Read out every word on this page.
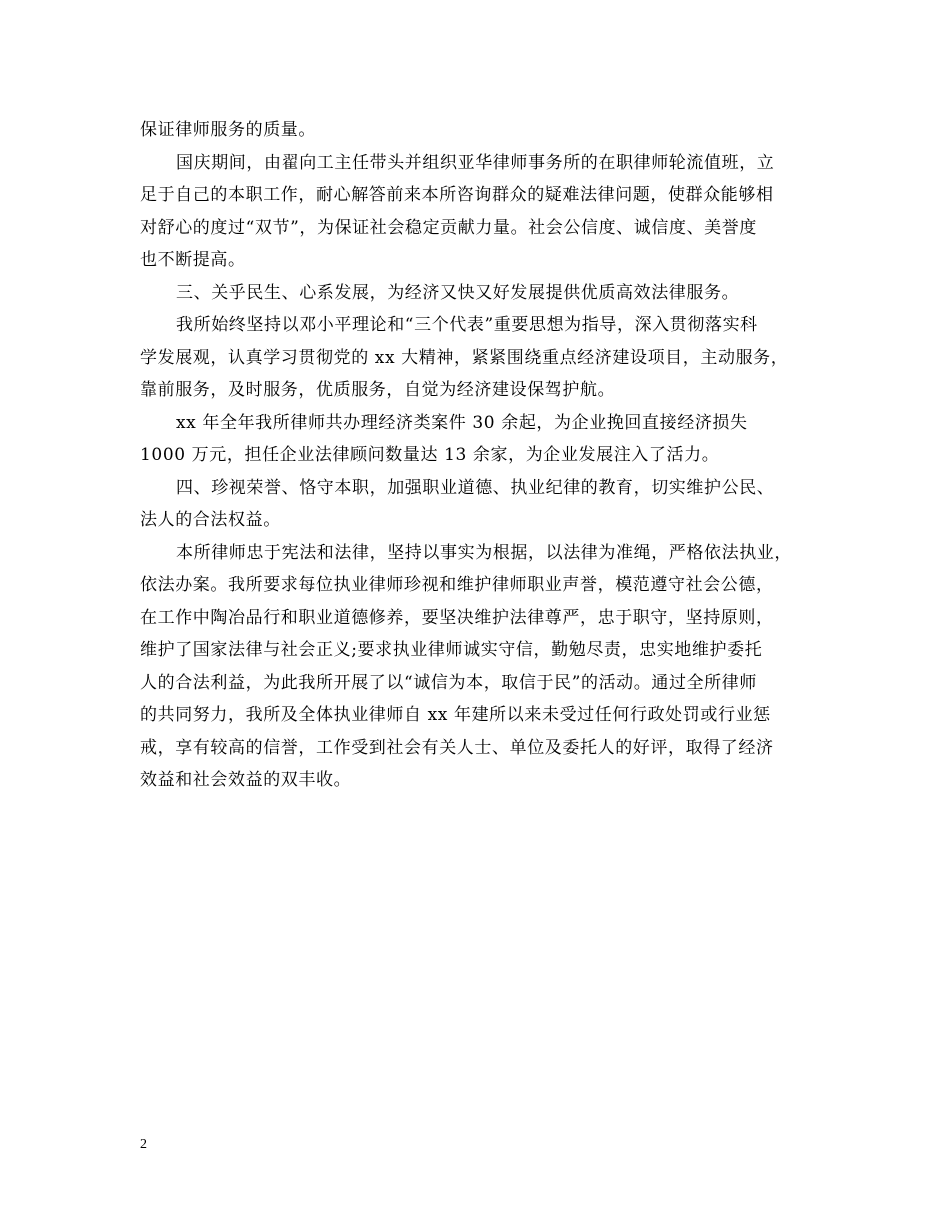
保证律师服务的质量。
国庆期间，由翟向工主任带头并组织亚华律师事务所的在职律师轮流值班，立
足于自己的本职工作，耐心解答前来本所咨询群众的疑难法律问题，使群众能够相
对舒心的度过“双节”，为保证社会稳定贡献力量。社会公信度、诚信度、美誉度
也不断提高。
三、关乎民生、心系发展，为经济又快又好发展提供优质高效法律服务。
我所始终坚持以邓小平理论和“三个代表”重要思想为指导，深入贯彻落实科
学发展观，认真学习贯彻党的 xx 大精神，紧紧围绕重点经济建设项目，主动服务，
靠前服务，及时服务，优质服务，自觉为经济建设保驾护航。
xx 年全年我所律师共办理经济类案件 30 余起，为企业挽回直接经济损失
1000 万元，担任企业法律顾问数量达 13 余家，为企业发展注入了活力。
四、珍视荣誉、恪守本职，加强职业道德、执业纪律的教育，切实维护公民、
法人的合法权益。
本所律师忠于宪法和法律，坚持以事实为根据，以法律为准绳，严格依法执业，
依法办案。我所要求每位执业律师珍视和维护律师职业声誉，模范遵守社会公德，
在工作中陶冶品行和职业道德修养，要坚决维护法律尊严，忠于职守，坚持原则，
维护了国家法律与社会正义;要求执业律师诚实守信，勤勉尽责，忠实地维护委托
人的合法利益，为此我所开展了以“诚信为本，取信于民”的活动。通过全所律师
的共同努力，我所及全体执业律师自 xx 年建所以来未受过任何行政处罚或行业惩
戒，享有较高的信誉，工作受到社会有关人士、单位及委托人的好评，取得了经济
效益和社会效益的双丰收。
2
